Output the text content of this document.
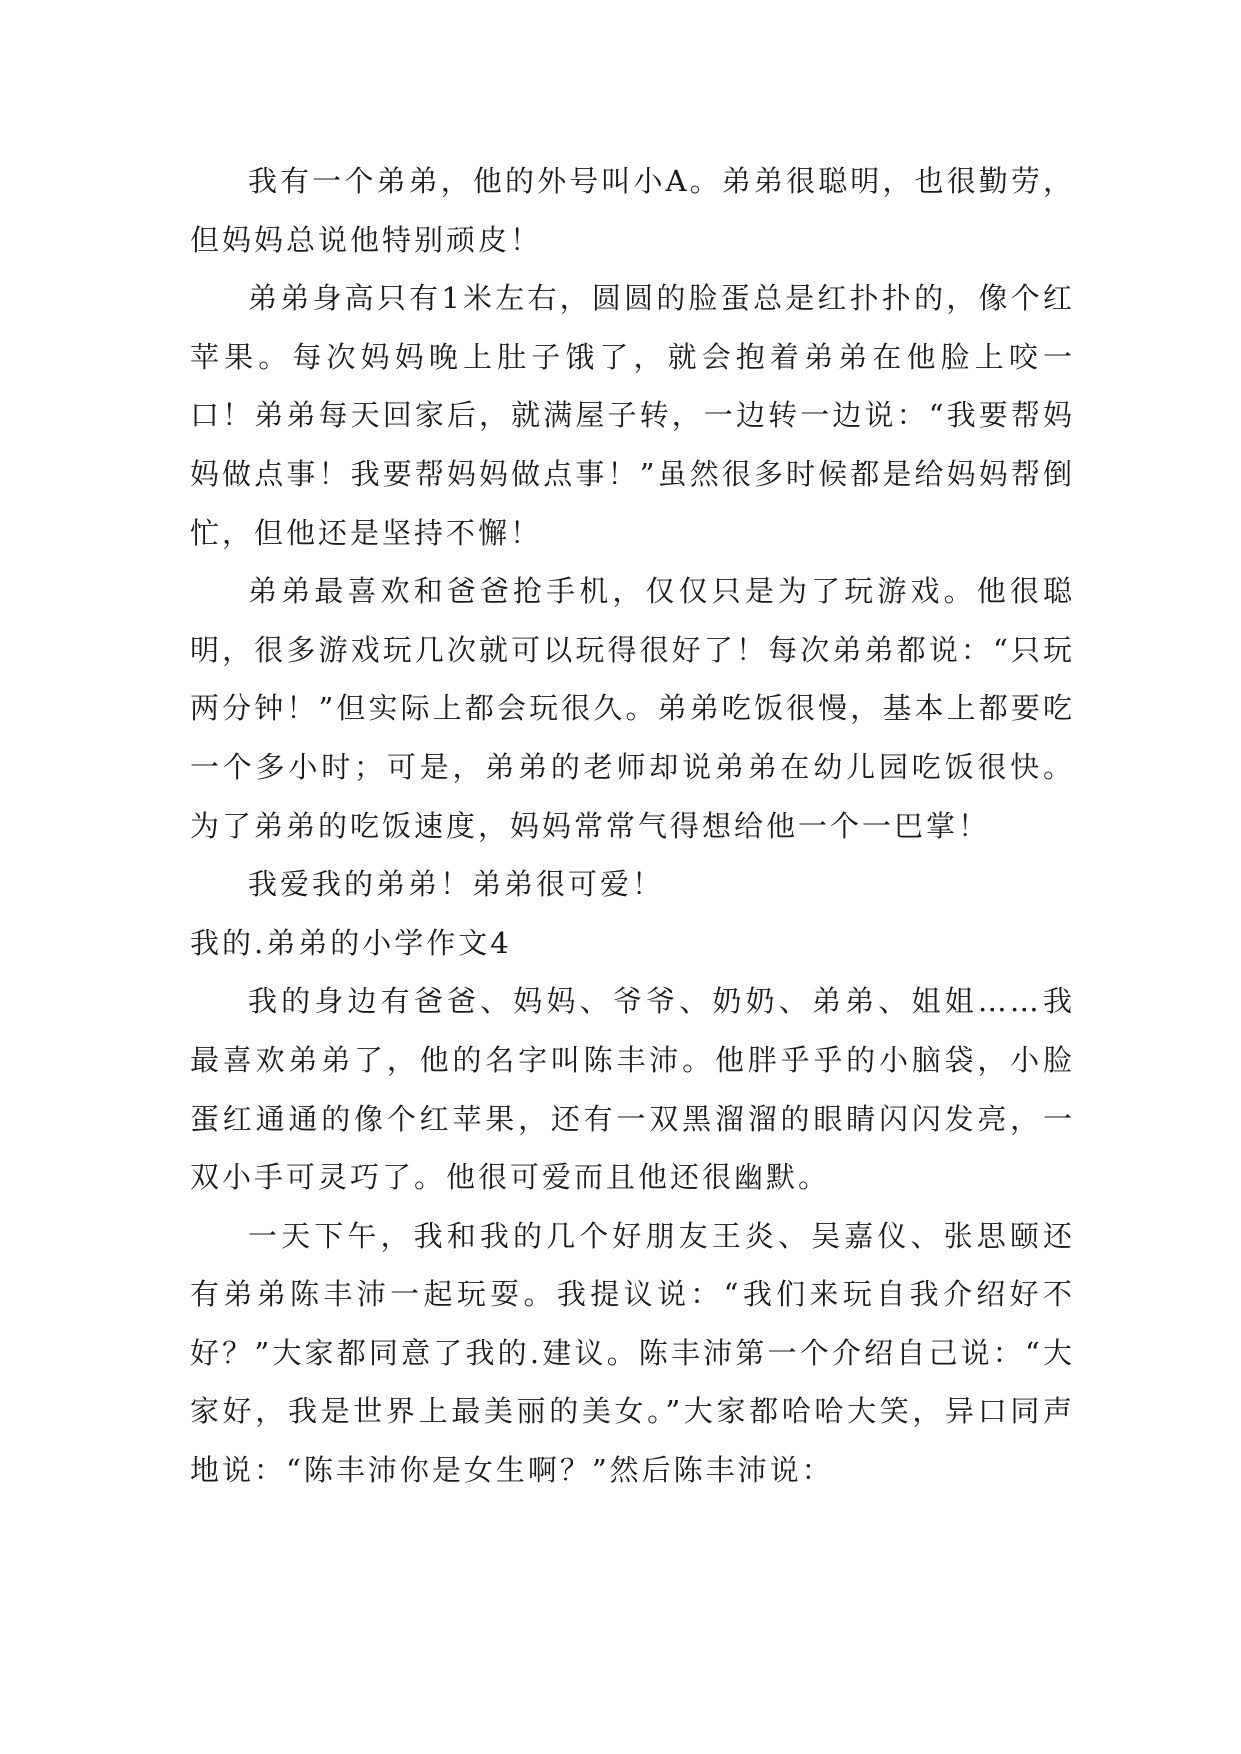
我有一个弟弟，他的外号叫小A。弟弟很聪明，也很勤劳，但妈妈总说他特别顽皮！

弟弟身高只有1米左右，圆圆的脸蛋总是红扑扑的，像个红苹果。每次妈妈晚上肚子饿了，就会抱着弟弟在他脸上咬一口！弟弟每天回家后，就满屋子转，一边转一边说：“我要帮妈妈做点事！我要帮妈妈做点事！”虽然很多时候都是给妈妈帮倒忙，但他还是坚持不懈！

弟弟最喜欢和爸爸抢手机，仅仅只是为了玩游戏。他很聪明，很多游戏玩几次就可以玩得很好了！每次弟弟都说：“只玩两分钟！”但实际上都会玩很久。弟弟吃饭很慢，基本上都要吃一个多小时；可是，弟弟的老师却说弟弟在幼儿园吃饭很快。为了弟弟的吃饭速度，妈妈常常气得想给他一个一巴掌！

我爱我的弟弟！弟弟很可爱！

我的.弟弟的小学作文4

我的身边有爸爸、妈妈、爷爷、奶奶、弟弟、姐姐……我最喜欢弟弟了，他的名字叫陈丰沛。他胖乎乎的小脑袋，小脸蛋红通通的像个红苹果，还有一双黑溜溜的眼睛闪闪发亮，一双小手可灵巧了。他很可爱而且他还很幽默。

一天下午，我和我的几个好朋友王炎、吴嘉仪、张思颐还有弟弟陈丰沛一起玩耍。我提议说：“我们来玩自我介绍好不好？”大家都同意了我的.建议。陈丰沛第一个介绍自己说：“大家好，我是世界上最美丽的美女。”大家都哈哈大笑，异口同声地说：“陈丰沛你是女生啊？”然后陈丰沛说：
